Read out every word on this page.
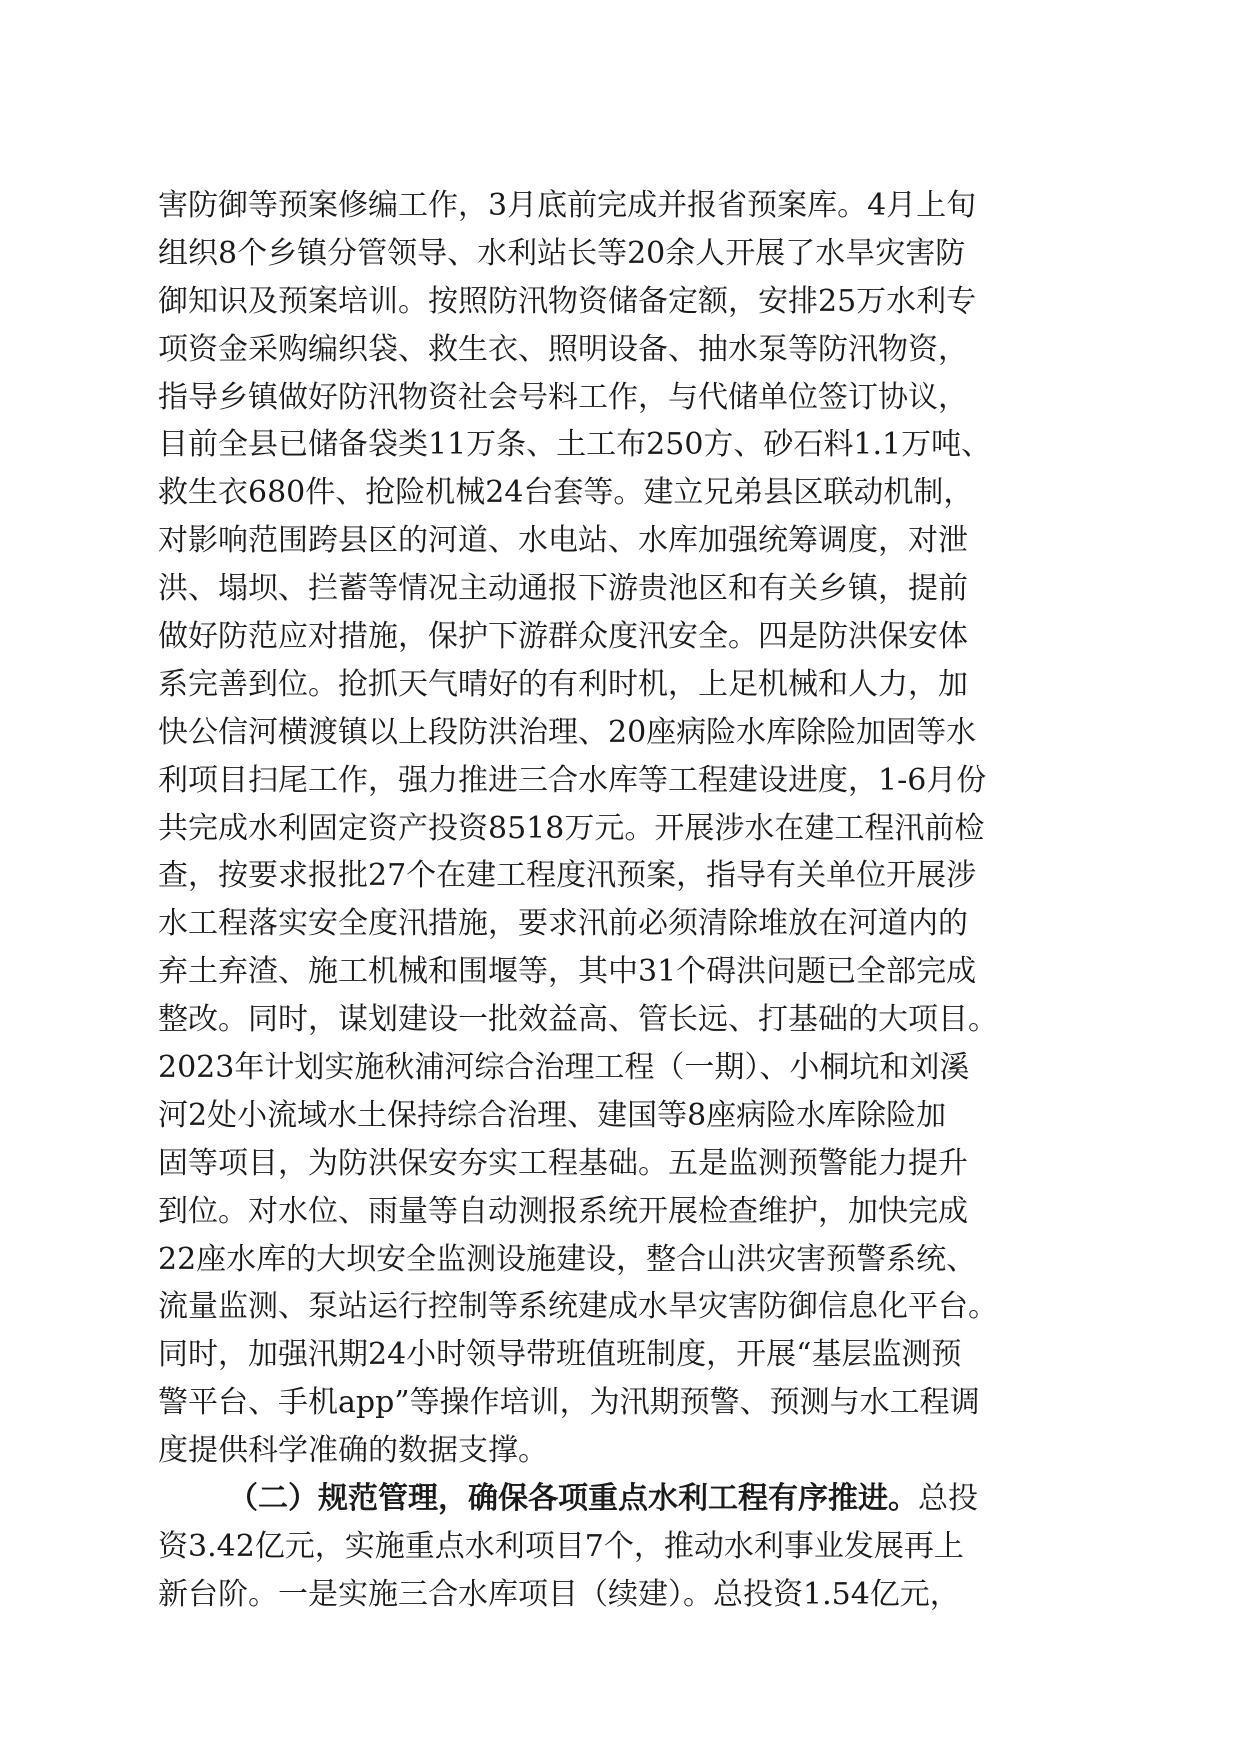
害防御等预案修编工作，3月底前完成并报省预案库。4月上旬
组织8个乡镇分管领导、水利站长等20余人开展了水旱灾害防
御知识及预案培训。按照防汛物资储备定额，安排25万水利专
项资金采购编织袋、救生衣、照明设备、抽水泵等防汛物资，
指导乡镇做好防汛物资社会号料工作，与代储单位签订协议，
目前全县已储备袋类11万条、土工布250方、砂石料1.1万吨、
救生衣680件、抢险机械24台套等。建立兄弟县区联动机制，
对影响范围跨县区的河道、水电站、水库加强统筹调度，对泄
洪、塌坝、拦蓄等情况主动通报下游贵池区和有关乡镇，提前
做好防范应对措施，保护下游群众度汛安全。四是防洪保安体
系完善到位。抢抓天气晴好的有利时机，上足机械和人力，加
快公信河横渡镇以上段防洪治理、20座病险水库除险加固等水
利项目扫尾工作，强力推进三合水库等工程建设进度，1-6月份
共完成水利固定资产投资8518万元。开展涉水在建工程汛前检
查，按要求报批27个在建工程度汛预案，指导有关单位开展涉
水工程落实安全度汛措施，要求汛前必须清除堆放在河道内的
弃土弃渣、施工机械和围堰等，其中31个碍洪问题已全部完成
整改。同时，谋划建设一批效益高、管长远、打基础的大项目。
2023年计划实施秋浦河综合治理工程（一期）、小桐坑和刘溪
河2处小流域水土保持综合治理、建国等8座病险水库除险加
固等项目，为防洪保安夯实工程基础。五是监测预警能力提升
到位。对水位、雨量等自动测报系统开展检查维护，加快完成
22座水库的大坝安全监测设施建设，整合山洪灾害预警系统、
流量监测、泵站运行控制等系统建成水旱灾害防御信息化平台。
同时，加强汛期24小时领导带班值班制度，开展“基层监测预
警平台、手机app”等操作培训，为汛期预警、预测与水工程调
度提供科学准确的数据支撑。
（二）规范管理，确保各项重点水利工程有序推进。总投
资3.42亿元，实施重点水利项目7个，推动水利事业发展再上
新台阶。一是实施三合水库项目（续建）。总投资1.54亿元，
